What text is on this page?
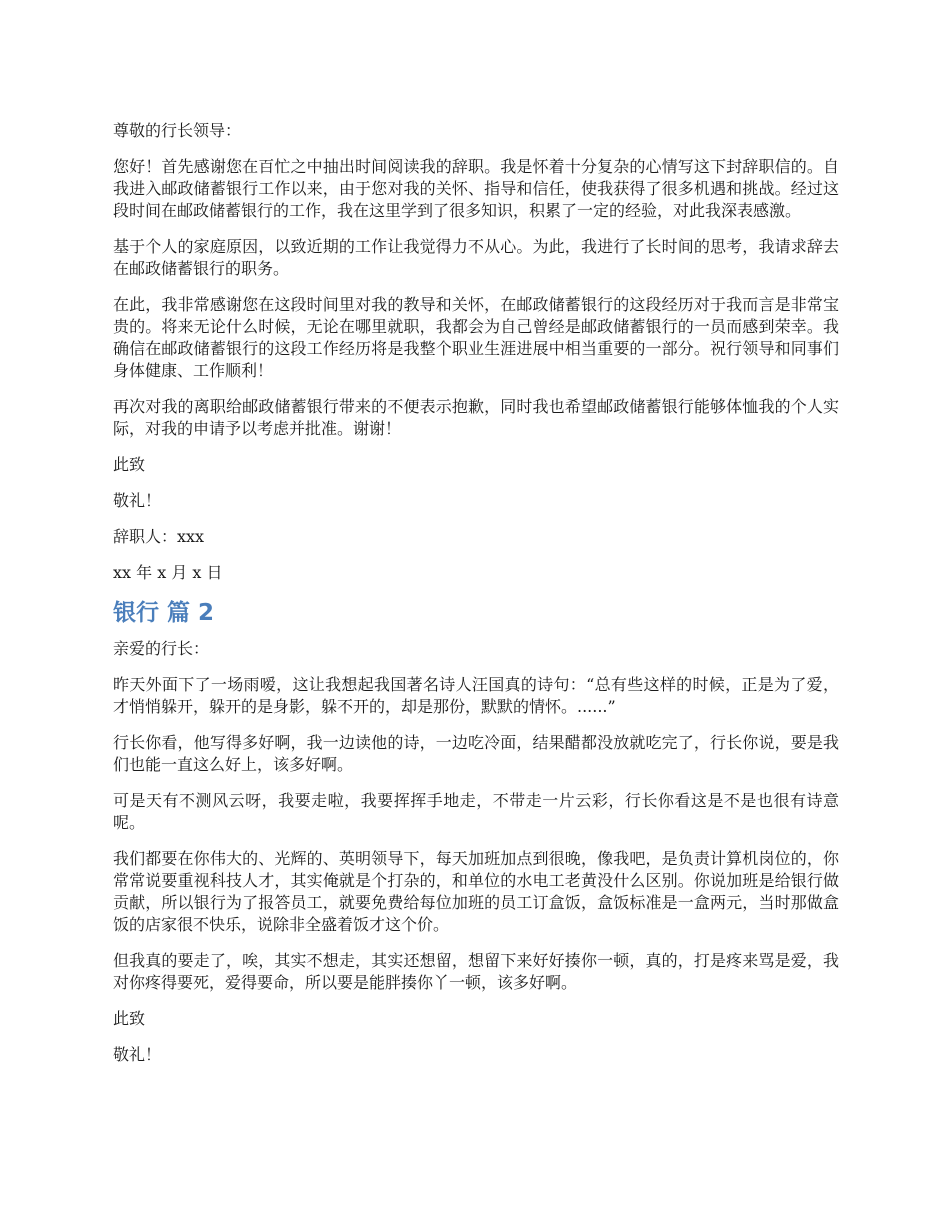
尊敬的行长领导：

您好！首先感谢您在百忙之中抽出时间阅读我的辞职。我是怀着十分复杂的心情写这下封辞职信的。自我进入邮政储蓄银行工作以来，由于您对我的关怀、指导和信任，使我获得了很多机遇和挑战。经过这段时间在邮政储蓄银行的工作，我在这里学到了很多知识，积累了一定的经验，对此我深表感激。

基于个人的家庭原因，以致近期的工作让我觉得力不从心。为此，我进行了长时间的思考，我请求辞去在邮政储蓄银行的职务。

在此，我非常感谢您在这段时间里对我的教导和关怀，在邮政储蓄银行的这段经历对于我而言是非常宝贵的。将来无论什么时候，无论在哪里就职，我都会为自己曾经是邮政储蓄银行的一员而感到荣幸。我确信在邮政储蓄银行的这段工作经历将是我整个职业生涯进展中相当重要的一部分。祝行领导和同事们身体健康、工作顺利！

再次对我的离职给邮政储蓄银行带来的不便表示抱歉，同时我也希望邮政储蓄银行能够体恤我的个人实际，对我的申请予以考虑并批准。谢谢！

此致

敬礼！

辞职人：xxx

xx 年 x 月 x 日

银行 篇 2

亲爱的行长：

昨天外面下了一场雨嗳，这让我想起我国著名诗人汪国真的诗句：“总有些这样的时候，正是为了爱，才悄悄躲开，躲开的是身影，躲不开的，却是那份，默默的情怀。......”

行长你看，他写得多好啊，我一边读他的诗，一边吃冷面，结果醋都没放就吃完了，行长你说，要是我们也能一直这么好上，该多好啊。

可是天有不测风云呀，我要走啦，我要挥挥手地走，不带走一片云彩，行长你看这是不是也很有诗意呢。

我们都要在你伟大的、光辉的、英明领导下，每天加班加点到很晚，像我吧，是负责计算机岗位的，你常常说要重视科技人才，其实俺就是个打杂的，和单位的水电工老黄没什么区别。你说加班是给银行做贡献，所以银行为了报答员工，就要免费给每位加班的员工订盒饭，盒饭标准是一盒两元，当时那做盒饭的店家很不快乐，说除非全盛着饭才这个价。

但我真的要走了，唉，其实不想走，其实还想留，想留下来好好揍你一顿，真的，打是疼来骂是爱，我对你疼得要死，爱得要命，所以要是能胖揍你丫一顿，该多好啊。

此致

敬礼！
